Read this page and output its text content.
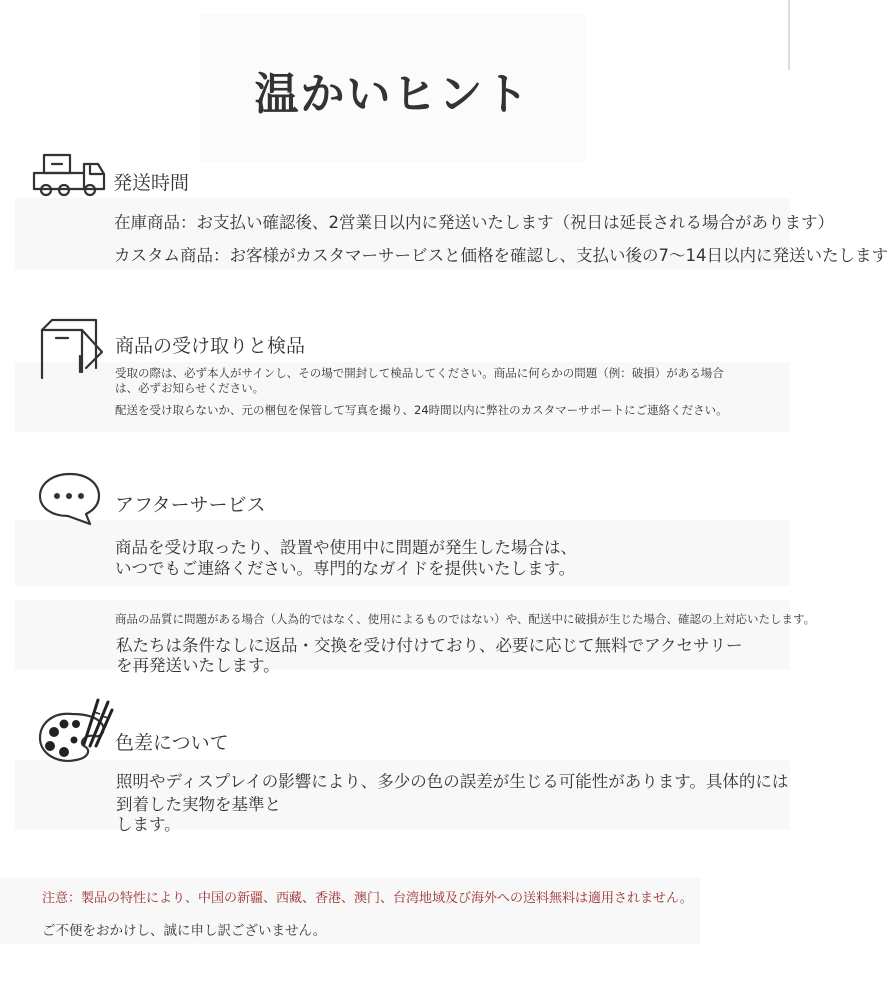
温かいヒント
発送時間
在庫商品：お支払い確認後、2営業日以内に発送いたします（祝日は延長される場合があります）
カスタム商品：お客様がカスタマーサービスと価格を確認し、支払い後の7〜14日以内に発送いたします
商品の受け取りと検品
受取の際は、必ず本人がサインし、その場で開封して検品してください。商品に何らかの問題（例：破損）がある場合
は、必ずお知らせください。
配送を受け取らないか、元の梱包を保管して写真を撮り、24時間以内に弊社のカスタマーサポートにご連絡ください。
アフターサービス
商品を受け取ったり、設置や使用中に問題が発生した場合は、
いつでもご連絡ください。専門的なガイドを提供いたします。
商品の品質に問題がある場合（人為的ではなく、使用によるものではない）や、配送中に破損が生じた場合、確認の上対応いたします。
私たちは条件なしに返品・交換を受け付けており、必要に応じて無料でアクセサリー
を再発送いたします。
色差について
照明やディスプレイの影響により、多少の色の誤差が生じる可能性があります。具体的には
到着した実物を基準と
します。
注意：製品の特性により、中国の新疆、西藏、香港、澳门、台湾地域及び海外への送料無料は適用されません。
ご不便をおかけし、誠に申し訳ございません。
